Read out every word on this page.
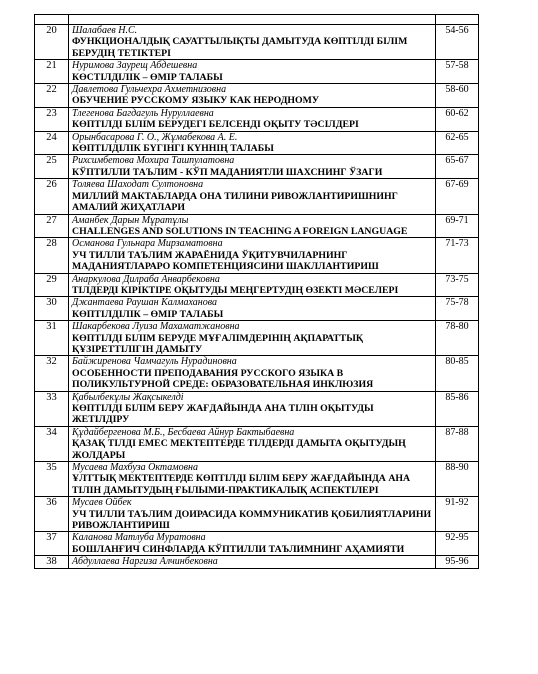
20	Шалабаев Н.С.
ФУНКЦИОНАЛДЫҚ САУАТТЫЛЫҚТЫ ДАМЫТУДА КӨПТІЛДІ БІЛІМ БЕРУДІҢ ТЕТІКТЕРІ	54-56
21	Нуримова Заурещ Абдешевна
КӨСТІЛДІЛІК – ӨМІР ТАЛАБЫ	57-58
22	Давлетова Гульчехра Ахметнизовна
ОБУЧЕНИЕ РУССКОМУ ЯЗЫКУ КАК НЕРОДНОМУ	58-60
23	Тлегенова Багдагуль Нуруллаевна
КӨПТІЛДІ БІЛІМ БЕРУДЕГІ БЕЛСЕНДІ ОҚЫТУ ТӘСІЛДЕРІ	60-62
24	Орынбасарова Г. О., Жұмабекова А. Е.
КӨПТІЛДІЛІК БҮГІНГІ КҮННІҢ ТАЛАБЫ	62-65
25	Рихсимбетова Мохира Ташпулатовна
КЎПТИЛЛИ ТАЪЛИМ - КЎП МАДАНИЯТЛИ ШАХСНИНГ ЎЗАГИ	65-67
26	Толяева Шаходат Султоновна
МИЛЛИЙ МАКТАБЛАРДА ОНА ТИЛИНИ РИВОЖЛАНТИРИШНИНГ АМАЛИЙ ЖИҲАТЛАРИ	67-69
27	Аманбек Дарын Мұратұлы
CHALLENGES AND SOLUTIONS IN TEACHING A FOREIGN LANGUAGE	69-71
28	Османова Гульнара Мирзаматовна
УЧ ТИЛЛИ ТАЪЛИМ ЖАРАЁНИДА ЎҚИТУВЧИЛАРНИНГ МАДАНИЯТЛАРАРО КОМПЕТЕНЦИЯСИНИ ШАКЛЛАНТИРИШ	71-73
29	Анаркулова Дилраба Анварбековна
ТІЛДЕРДІ КІРІКТІРЕ ОҚЫТУДЫ МЕҢГЕРТУДІҢ ӨЗЕКТІ МӘСЕЛЕРІ	73-75
30	Джантаева Раушан Калмаханова
КӨПТІЛДІЛІК – ӨМІР ТАЛАБЫ	75-78
31	Шакарбекова Луиза Махаматжановна
КӨПТІЛДІ БІЛІМ БЕРУДЕ МҰҒАЛІМДЕРІНІҢ АҚПАРАТТЫҚ ҚҰЗІРЕТТІЛІГІН ДАМЫТУ	78-80
32	Байжиренова Чамчагуль Нурадиновна
ОСОБЕННОСТИ ПРЕПОДАВАНИЯ РУССКОГО ЯЗЫКА В ПОЛИКУЛЬТУРНОЙ СРЕДЕ: ОБРАЗОВАТЕЛЬНАЯ ИНКЛЮЗИЯ	80-85
33	Қабылбекұлы Жақсыкелді
КӨПТІЛДІ БІЛІМ БЕРУ ЖАҒДАЙЫНДА АНА ТІЛІН ОҚЫТУДЫ ЖЕТІЛДІРУ	85-86
34	Құдайбергенова М.Б., Бесбаева Айнур Бактыбаевна
ҚАЗАҚ ТІЛДІ ЕМЕС МЕКТЕПТЕРДЕ ТІЛДЕРДІ ДАМЫТА ОҚЫТУДЫҢ ЖОЛДАРЫ	87-88
35	Мусаева Махбуза Октамовна
ҰЛТТЫҚ МЕКТЕПТЕРДЕ КӨПТІЛДІ БІЛІМ БЕРУ ЖАҒДАЙЫНДА АНА ТІЛІН ДАМЫТУДЫҢ ҒЫЛЫМИ-ПРАКТИКАЛЫҚ АСПЕКТІЛЕРІ	88-90
36	Мусаев Ойбек
УЧ ТИЛЛИ ТАЪЛИМ ДОИРАСИДА КОММУНИКАТИВ ҚОБИЛИЯТЛАРИНИ РИВОЖЛАНТИРИШ	91-92
37	Каланова Матлуба Муратовна
БОШЛАНҒИЧ СИНФЛАРДА КЎПТИЛЛИ ТАЪЛИМНИНГ АҲАМИЯТИ	92-95
38	Абдуллаева Наргиза Алчинбековна	95-96
